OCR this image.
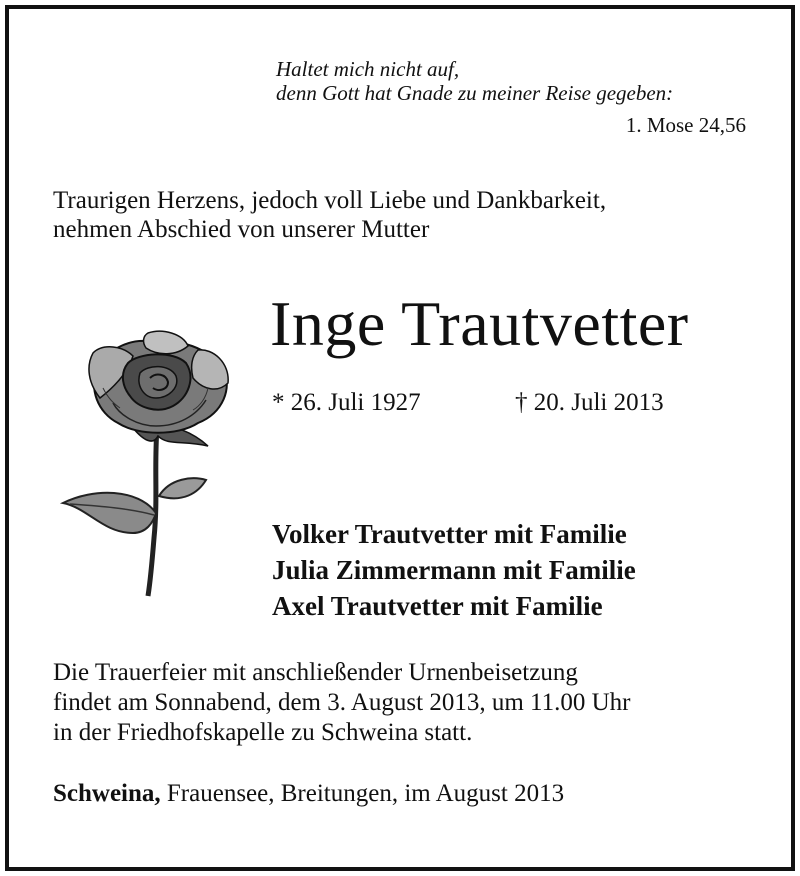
Haltet mich nicht auf,
denn Gott hat Gnade zu meiner Reise gegeben:
1. Mose 24,56
Traurigen Herzens, jedoch voll Liebe und Dankbarkeit,
nehmen Abschied von unserer Mutter
Inge Trautvetter
* 26. Juli 1927	† 20. Juli 2013
Volker Trautvetter mit Familie
Julia Zimmermann mit Familie
Axel Trautvetter mit Familie
Die Trauerfeier mit anschließender Urnenbeisetzung
findet am Sonnabend, dem 3. August 2013, um 11.00 Uhr
in der Friedhofskapelle zu Schweina statt.
Schweina, Frauensee, Breitungen, im August 2013
